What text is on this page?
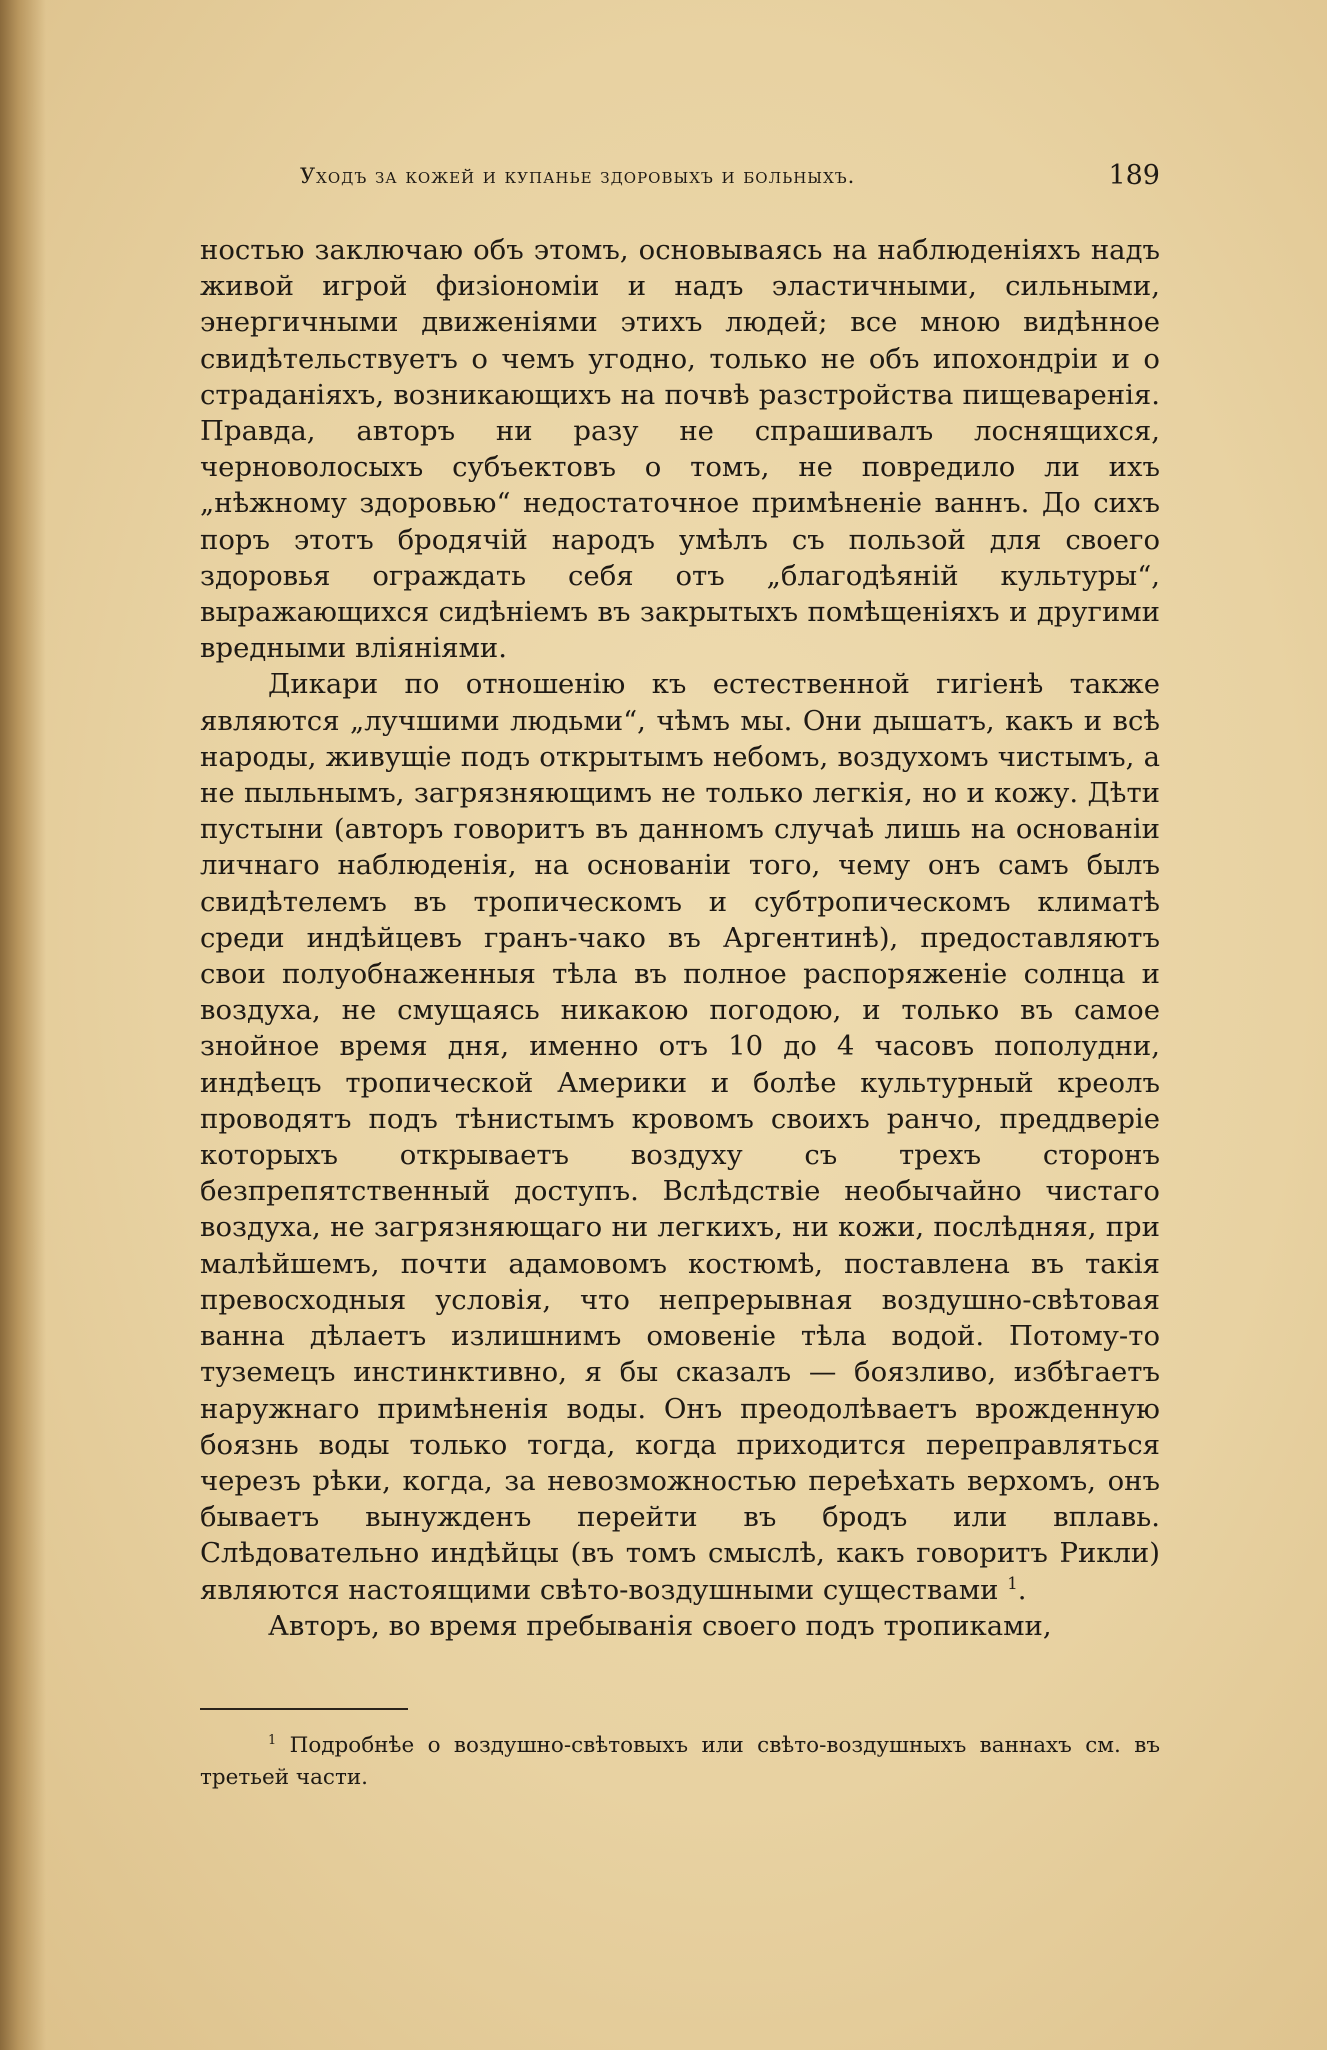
Уходъ за кожей и купанье здоровыхъ и больныхъ.	189

ностью заключаю объ этомъ, основываясь на наблюденіяхъ надъ живой игрой физіономіи и надъ эластичными, сильными, энергичными движеніями этихъ людей; все мною видѣнное свидѣтельствуетъ о чемъ угодно, только не объ ипохондріи и о страданіяхъ, возникающихъ на почвѣ разстройства пищеваренія. Правда, авторъ ни разу не спрашивалъ лоснящихся, черноволосыхъ субъектовъ о томъ, не повредило ли ихъ „нѣжному здоровью“ недостаточное примѣненіе ваннъ. До сихъ поръ этотъ бродячій народъ умѣлъ съ пользой для своего здоровья ограждать себя отъ „благодѣяній культуры“, выражающихся сидѣніемъ въ закрытыхъ помѣщеніяхъ и другими вредными вліяніями.

Дикари по отношенію къ естественной гигіенѣ также являются „лучшими людьми“, чѣмъ мы. Они дышатъ, какъ и всѣ народы, живущіе подъ открытымъ небомъ, воздухомъ чистымъ, а не пыльнымъ, загрязняющимъ не только легкія, но и кожу. Дѣти пустыни (авторъ говоритъ въ данномъ случаѣ лишь на основаніи личнаго наблюденія, на основаніи того, чему онъ самъ былъ свидѣтелемъ въ тропическомъ и субтропическомъ климатѣ среди индѣйцевъ гранъ-чако въ Аргентинѣ), предоставляютъ свои полуобнаженныя тѣла въ полное распоряженіе солнца и воздуха, не смущаясь никакою погодою, и только въ самое знойное время дня, именно отъ 10 до 4 часовъ пополудни, индѣецъ тропической Америки и болѣе культурный креолъ проводятъ подъ тѣнистымъ кровомъ своихъ ранчо, преддверіе которыхъ открываетъ воздуху съ трехъ сторонъ безпрепятственный доступъ. Вслѣдствіе необычайно чистаго воздуха, не загрязняющаго ни легкихъ, ни кожи, послѣдняя, при малѣйшемъ, почти адамовомъ костюмѣ, поставлена въ такія превосходныя условія, что непрерывная воздушно-свѣтовая ванна дѣлаетъ излишнимъ омовеніе тѣла водой. Потому-то туземецъ инстинктивно, я бы сказалъ — боязливо, избѣгаетъ наружнаго примѣненія воды. Онъ преодолѣваетъ врожденную боязнь воды только тогда, когда приходится переправляться черезъ рѣки, когда, за невозможностью переѣхать верхомъ, онъ бываетъ вынужденъ перейти въ бродъ или вплавь. Слѣдовательно индѣйцы (въ томъ смыслѣ, какъ говоритъ Рикли) являются настоящими свѣто-воздушными существами $^1$.

Авторъ, во время пребыванія своего подъ тропиками,

$^1$ Подробнѣе о воздушно-свѣтовыхъ или свѣто-воздушныхъ ваннахъ см. въ третьей части.
